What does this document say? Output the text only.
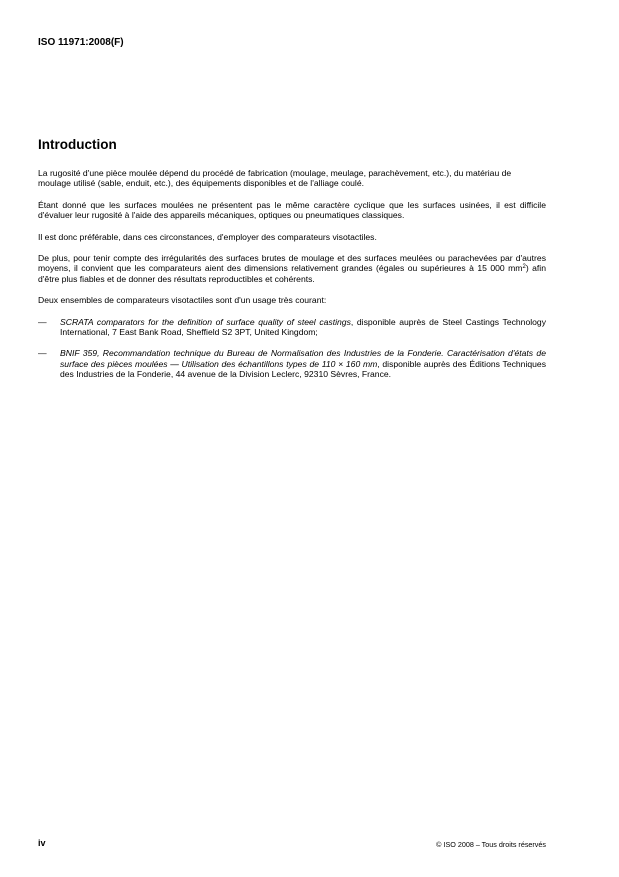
ISO 11971:2008(F)
Introduction

La rugosité d'une pièce moulée dépend du procédé de fabrication (moulage, meulage, parachèvement, etc.), du matériau de moulage utilisé (sable, enduit, etc.), des équipements disponibles et de l'alliage coulé.

Étant donné que les surfaces moulées ne présentent pas le même caractère cyclique que les surfaces usinées, il est difficile d'évaluer leur rugosité à l'aide des appareils mécaniques, optiques ou pneumatiques classiques.

Il est donc préférable, dans ces circonstances, d'employer des comparateurs visotactiles.

De plus, pour tenir compte des irrégularités des surfaces brutes de moulage et des surfaces meulées ou parachevées par d'autres moyens, il convient que les comparateurs aient des dimensions relativement grandes (égales ou supérieures à 15 000 $mm^2$) afin d'être plus fiables et de donner des résultats reproductibles et cohérents.

Deux ensembles de comparateurs visotactiles sont d'un usage très courant:

—	SCRATA comparators for the definition of surface quality of steel castings, disponible auprès de Steel Castings Technology International, 7 East Bank Road, Sheffield S2 3PT, United Kingdom;
—	BNIF 359, Recommandation technique du Bureau de Normalisation des Industries de la Fonderie. Caractérisation d'états de surface des pièces moulées — Utilisation des échantillons types de 110 × 160 mm, disponible auprès des Éditions Techniques des Industries de la Fonderie, 44 avenue de la Division Leclerc, 92310 Sèvres, France.
iv	© ISO 2008 – Tous droits réservés
